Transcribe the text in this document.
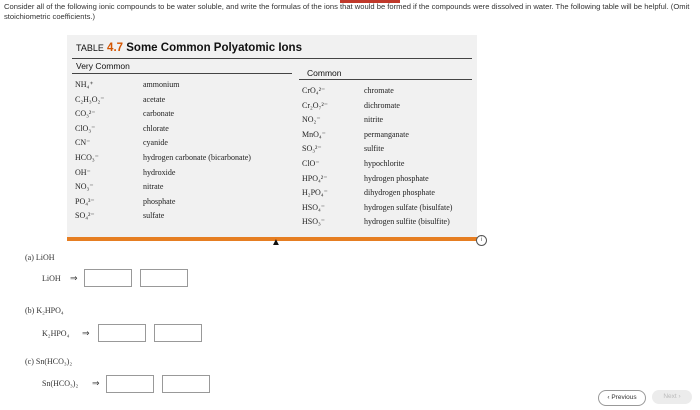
Consider all of the following ionic compounds to be water soluble, and write the formulas of the ions that would be formed if the compounds were dissolved in water. The following table will be helpful. (Omit stoichiometric coefficients.)
TABLE 4.7 Some Common Polyatomic Ions
Very Common
Common
NH₄⁺
C₂H₃O₂⁻
CO₃²⁻
ClO₃⁻
CN⁻
HCO₃⁻
OH⁻
NO₃⁻
PO₄³⁻
SO₄²⁻
ammonium
acetate
carbonate
chlorate
cyanide
hydrogen carbonate (bicarbonate)
hydroxide
nitrate
phosphate
sulfate
CrO₄²⁻
Cr₂O₇²⁻
NO₂⁻
MnO₄⁻
SO₃²⁻
ClO⁻
HPO₄²⁻
H₂PO₄⁻
HSO₄⁻
HSO₃⁻
chromate
dichromate
nitrite
permanganate
sulfite
hypochlorite
hydrogen phosphate
dihydrogen phosphate
hydrogen sulfate (bisulfate)
hydrogen sulfite (bisulfite)
i
▲
(a) LiOH
LiOH ⇒
(b) K₂HPO₄
K₂HPO₄ ⇒
(c) Sn(HCO₃)₂
Sn(HCO₃)₂ ⇒
‹ Previous	Next ›
